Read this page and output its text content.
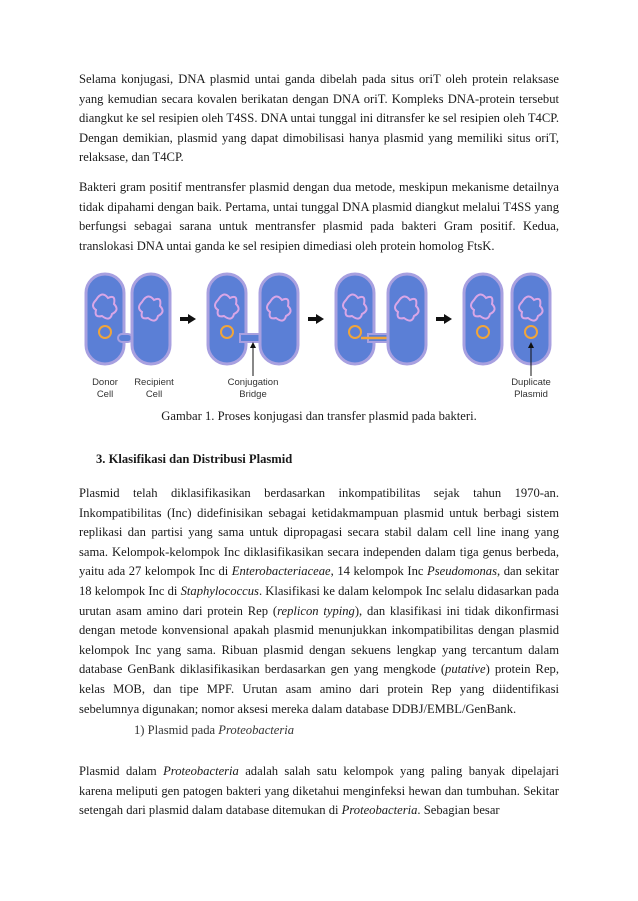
Selama konjugasi, DNA plasmid untai ganda dibelah pada situs oriT oleh protein relaksase yang kemudian secara kovalen berikatan dengan DNA oriT. Kompleks DNA-protein tersebut diangkut ke sel resipien oleh T4SS. DNA untai tunggal ini ditransfer ke sel resipien oleh T4CP. Dengan demikian, plasmid yang dapat dimobilisasi hanya plasmid yang memiliki situs oriT, relaksase, dan T4CP.

Bakteri gram positif mentransfer plasmid dengan dua metode, meskipun mekanisme detailnya tidak dipahami dengan baik. Pertama, untai tunggal DNA plasmid diangkut melalui T4SS yang berfungsi sebagai sarana untuk mentransfer plasmid pada bakteri Gram positif. Kedua, translokasi DNA untai ganda ke sel resipien dimediasi oleh protein homolog FtsK.

Donor
Cell
Recipient
Cell
Conjugation
Bridge
Duplicate
Plasmid

Gambar 1. Proses konjugasi dan transfer plasmid pada bakteri.

3. Klasifikasi dan Distribusi Plasmid

Plasmid telah diklasifikasikan berdasarkan inkompatibilitas sejak tahun 1970-an. Inkompatibilitas (Inc) didefinisikan sebagai ketidakmampuan plasmid untuk berbagi sistem replikasi dan partisi yang sama untuk dipropagasi secara stabil dalam cell line inang yang sama. Kelompok-kelompok Inc diklasifikasikan secara independen dalam tiga genus berbeda, yaitu ada 27 kelompok Inc di Enterobacteriaceae, 14 kelompok Inc Pseudomonas, dan sekitar 18 kelompok Inc di Staphylococcus. Klasifikasi ke dalam kelompok Inc selalu didasarkan pada urutan asam amino dari protein Rep (replicon typing), dan klasifikasi ini tidak dikonfirmasi dengan metode konvensional apakah plasmid menunjukkan inkompatibilitas dengan plasmid kelompok Inc yang sama. Ribuan plasmid dengan sekuens lengkap yang tercantum dalam database GenBank diklasifikasikan berdasarkan gen yang mengkode (putative) protein Rep, kelas MOB, dan tipe MPF. Urutan asam amino dari protein Rep yang diidentifikasi sebelumnya digunakan; nomor aksesi mereka dalam database DDBJ/EMBL/GenBank.

1) Plasmid pada Proteobacteria

Plasmid dalam Proteobacteria adalah salah satu kelompok yang paling banyak dipelajari karena meliputi gen patogen bakteri yang diketahui menginfeksi hewan dan tumbuhan. Sekitar setengah dari plasmid dalam database ditemukan di Proteobacteria. Sebagian besar
